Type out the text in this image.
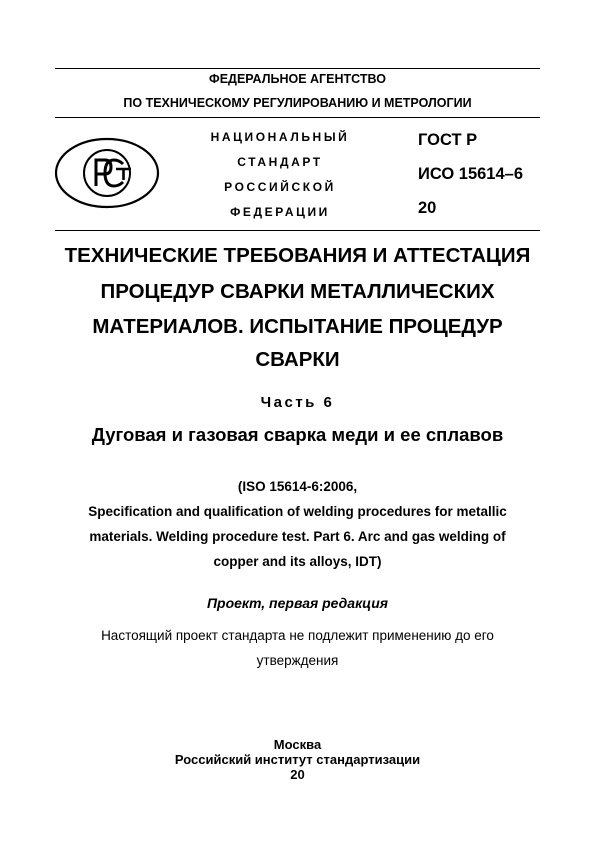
ФЕДЕРАЛЬНОЕ АГЕНТСТВО
ПО ТЕХНИЧЕСКОМУ РЕГУЛИРОВАНИЮ И МЕТРОЛОГИИ
НАЦИОНАЛЬНЫЙ
СТАНДАРТ
РОССИЙСКОЙ
ФЕДЕРАЦИИ
ГОСТ Р
ИСО 15614–6
20
ТЕХНИЧЕСКИЕ ТРЕБОВАНИЯ И АТТЕСТАЦИЯ
ПРОЦЕДУР СВАРКИ МЕТАЛЛИЧЕСКИХ
МАТЕРИАЛОВ. ИСПЫТАНИЕ ПРОЦЕДУР
СВАРКИ
Часть 6
Дуговая и газовая сварка меди и ее сплавов
(ISO 15614-6:2006,
Specification and qualification of welding procedures for metallic
materials. Welding procedure test. Part 6. Arc and gas welding of
copper and its alloys, IDT)
Проект, первая редакция
Настоящий проект стандарта не подлежит применению до его
утверждения
Москва
Российский институт стандартизации
20
